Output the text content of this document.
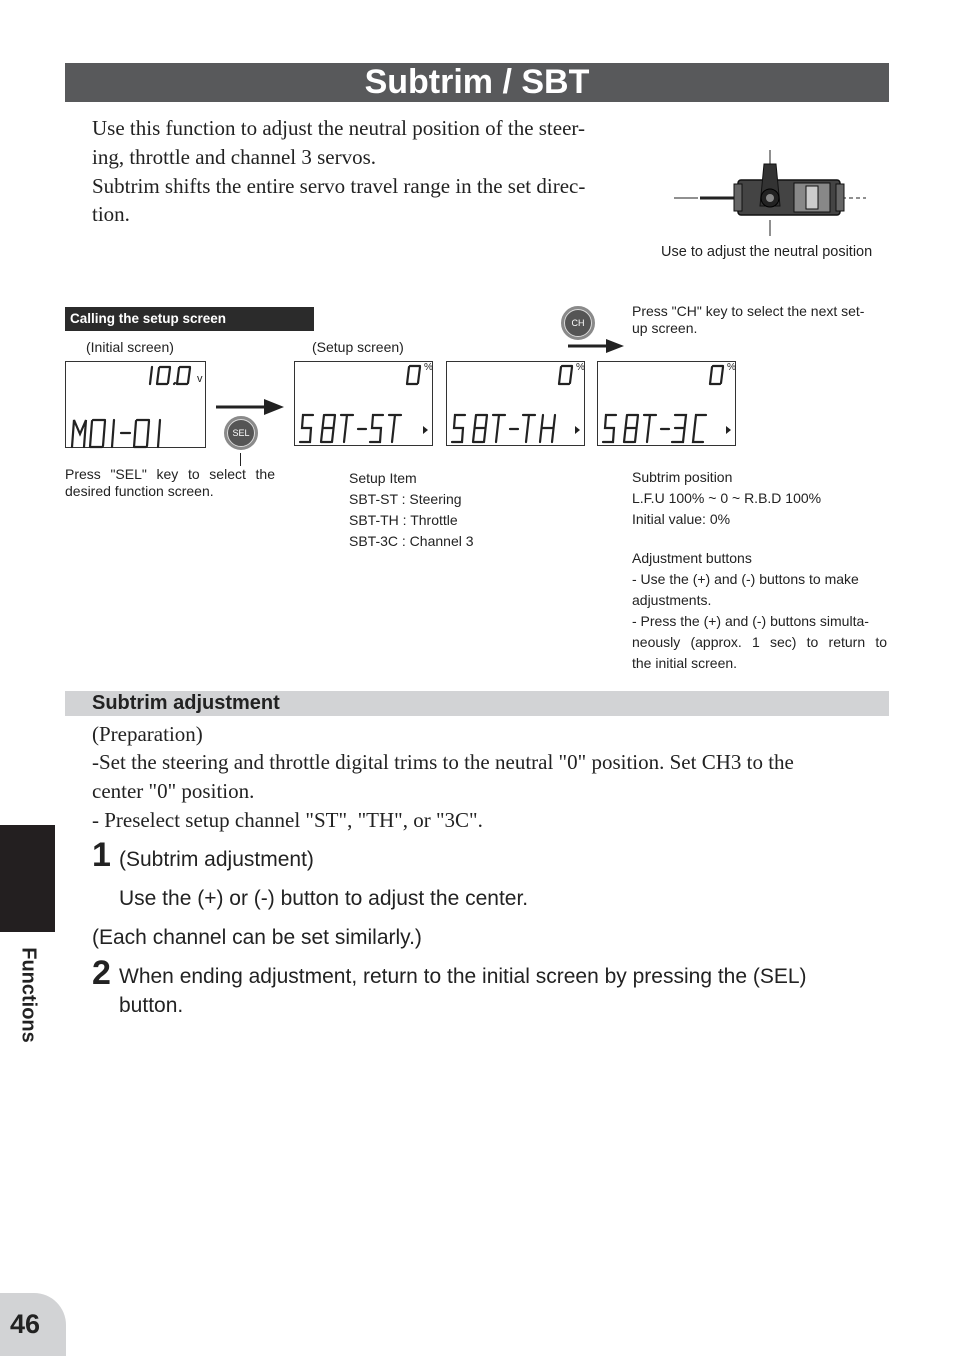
Subtrim / SBT
Use this function to adjust the neutral position of the steer-
ing, throttle and channel 3 servos.
Subtrim shifts the entire servo travel range in the set direc-
tion.
Use to adjust the neutral position
Calling the setup screen
(Initial screen)	(Setup screen)
CH
Press "CH" key to select the next set-
up screen.
v
SEL
%	%	%
Press "SEL" key to select the
desired function screen.
Setup Item
SBT-ST : Steering
SBT-TH : Throttle
SBT-3C : Channel 3
Subtrim position
L.F.U 100% ~ 0 ~ R.B.D 100%
Initial value: 0%
Adjustment buttons
- Use the (+) and (-) buttons to make
adjustments.
- Press the (+) and (-) buttons simulta-
neously (approx. 1 sec) to return to
the initial screen.
Subtrim adjustment
(Preparation)
-Set the steering and throttle digital trims to the neutral "0" position. Set CH3 to the
center "0" position.
- Preselect setup channel "ST", "TH", or "3C".
1 (Subtrim adjustment)
Use the (+) or (-) button to adjust the center.
(Each channel can be set similarly.)
2 When ending adjustment, return to the initial screen by pressing the (SEL)
button.
Functions
46
